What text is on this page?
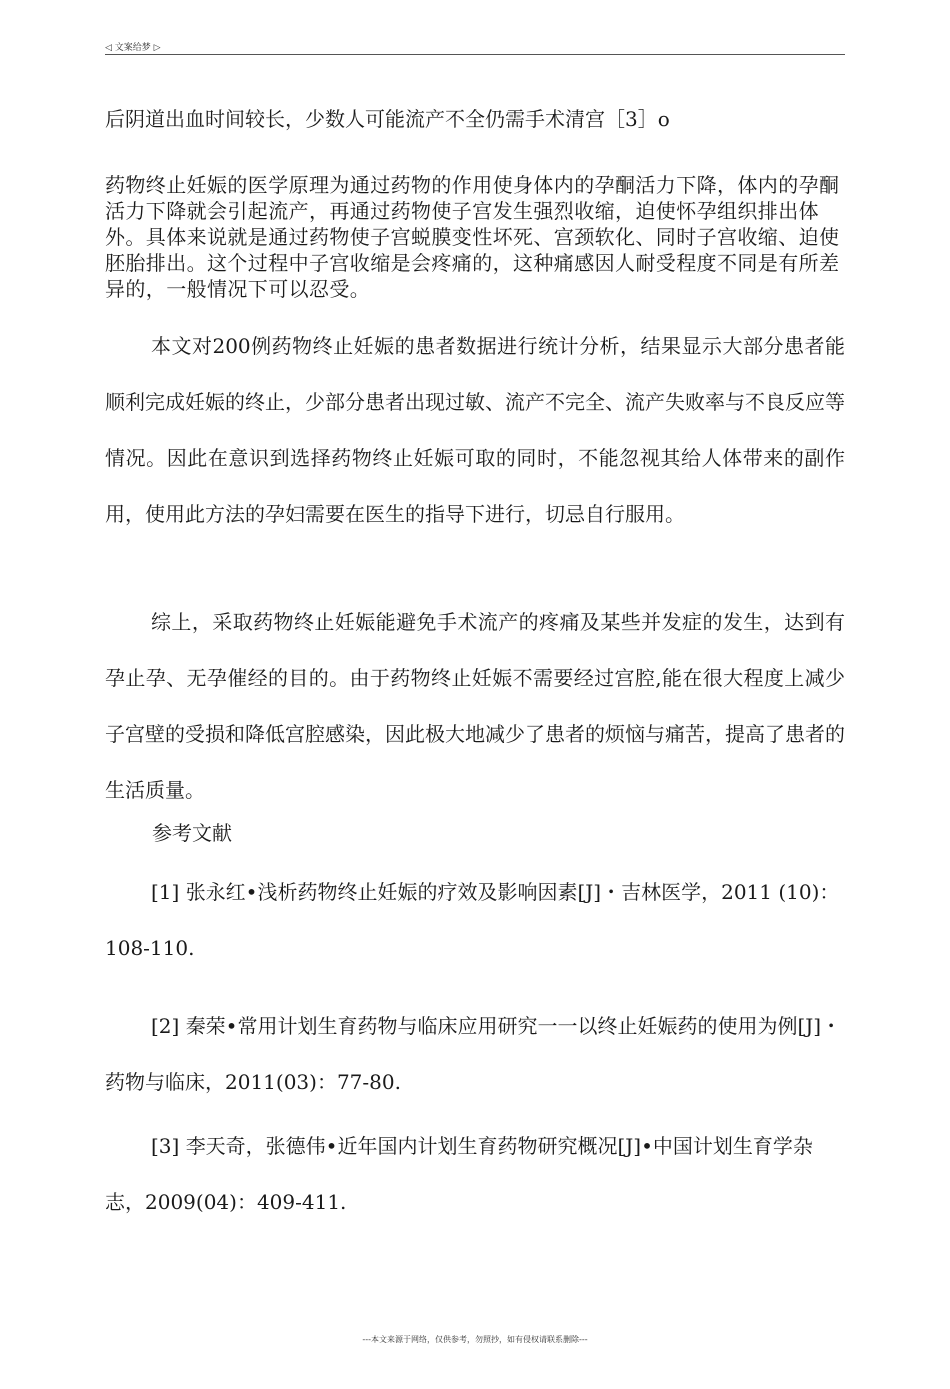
◁ 文案给梦 ▷

后阴道出血时间较长，少数人可能流产不全仍需手术清宫［3］o

药物终止妊娠的医学原理为通过药物的作用使身体内的孕酮活力下降，体内的孕酮活力下降就会引起流产，再通过药物使子宫发生强烈收缩，迫使怀孕组织排出体外。具体来说就是通过药物使子宫蜕膜变性坏死、宫颈软化、同时子宫收缩、迫使胚胎排出。这个过程中子宫收缩是会疼痛的，这种痛感因人耐受程度不同是有所差异的，一般情况下可以忍受。

本文对200例药物终止妊娠的患者数据进行统计分析，结果显示大部分患者能顺利完成妊娠的终止，少部分患者出现过敏、流产不完全、流产失败率与不良反应等情况。因此在意识到选择药物终止妊娠可取的同时，不能忽视其给人体带来的副作用，使用此方法的孕妇需要在医生的指导下进行，切忌自行服用。

综上，采取药物终止妊娠能避免手术流产的疼痛及某些并发症的发生，达到有孕止孕、无孕催经的目的。由于药物终止妊娠不需要经过宫腔,能在很大程度上减少子宫壁的受损和降低宫腔感染，因此极大地减少了患者的烦恼与痛苦，提高了患者的生活质量。

参考文献
[1] 张永红•浅析药物终止妊娠的疗效及影响因素[J]・吉林医学，2011 (10)：108-110.
[2] 秦荣•常用计划生育药物与临床应用研究一一以终止妊娠药的使用为例[J]・药物与临床，2011(03)：77-80.
[3] 李天奇，张德伟•近年国内计划生育药物研究概况[J]•中国计划生育学杂志，2009(04)：409-411.
---本文来源于网络，仅供参考，勿照抄，如有侵权请联系删除---
